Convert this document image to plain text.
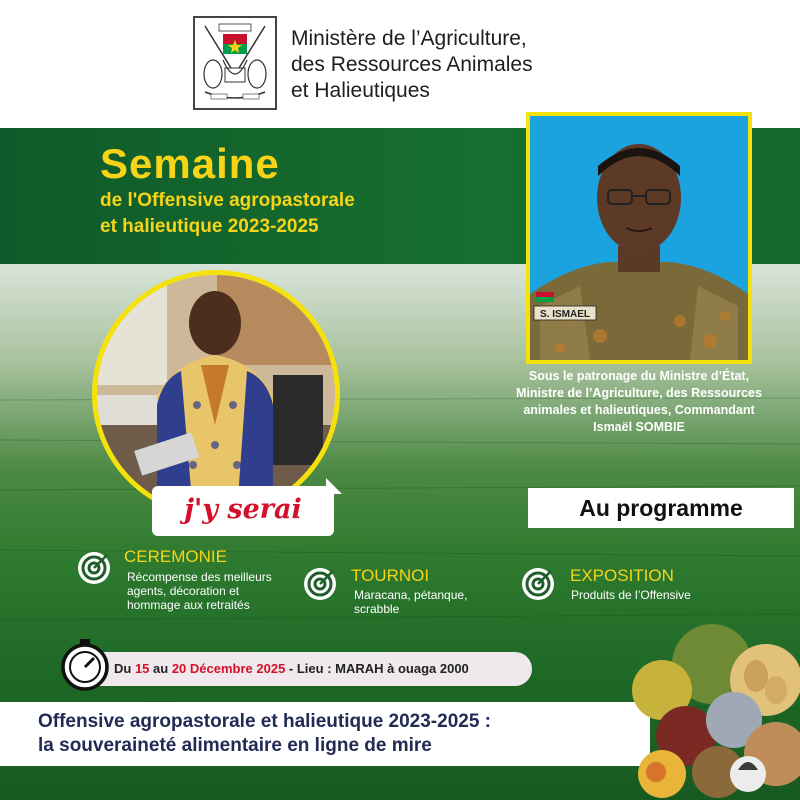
Ministère de l’Agriculture,
des Ressources Animales
et Halieutiques
Semaine
de l'Offensive agropastorale
et halieutique 2023-2025
S. ISMAEL
Sous le patronage du Ministre d’État,
Ministre de l’Agriculture, des Ressources
animales et halieutiques, Commandant
Ismaël SOMBIE
j'y serai	Au programme
CEREMONIE
Récompense des meilleurs
agents, décoration et
hommage aux retraités
TOURNOI
Maracana, pétanque,
scrabble
EXPOSITION
Produits de l’Offensive
Du 15 au 20 Décembre 2025 - Lieu : MARAH à ouaga 2000
Offensive agropastorale et halieutique 2023-2025 :
la souveraineté alimentaire en ligne de mire
